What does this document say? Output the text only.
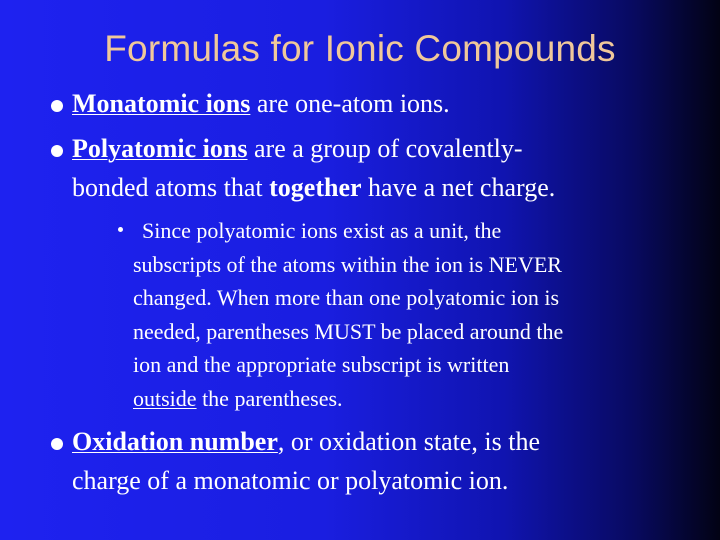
Formulas for Ionic Compounds
Monatomic ions are one-atom ions.
Polyatomic ions are a group of covalently-
bonded atoms that together have a net charge.
Since polyatomic ions exist as a unit, the
subscripts of the atoms within the ion is NEVER
changed. When more than one polyatomic ion is
needed, parentheses MUST be placed around the
ion and the appropriate subscript is written
outside the parentheses.
Oxidation number, or oxidation state, is the
charge of a monatomic or polyatomic ion.
